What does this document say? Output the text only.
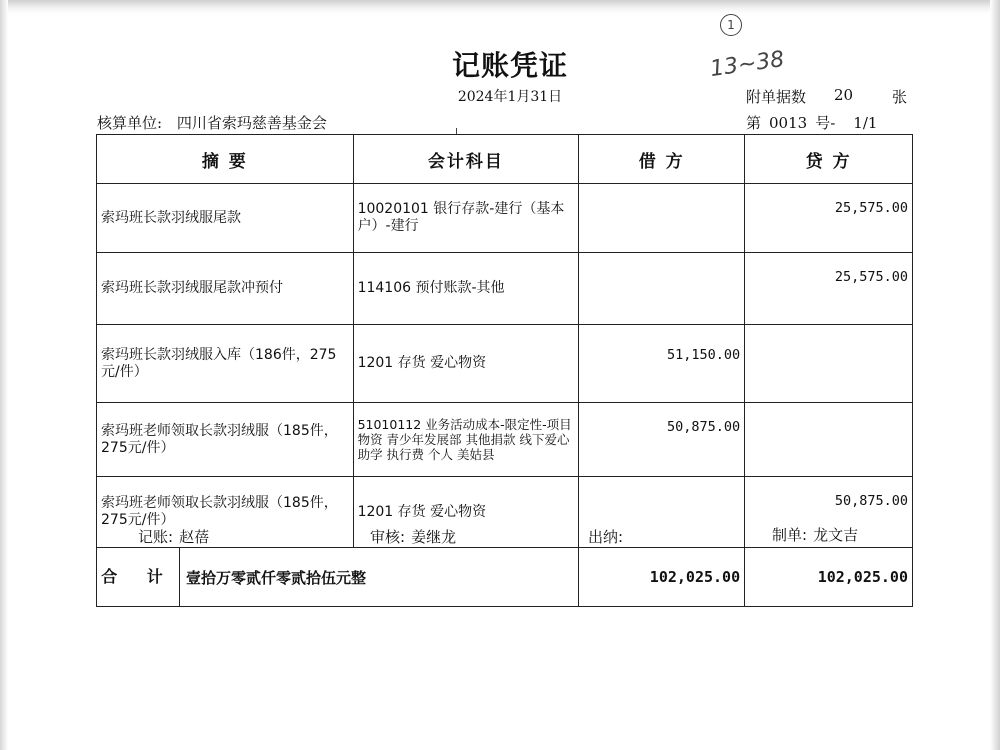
记账凭证
1
13~38
2024年1月31日	附单据数 20	张
核算单位: 四川省索玛慈善基金会	第 0013 号- 1/1
摘 要	会计科目	借 方	贷 方
索玛班长款羽绒服尾款	10020101 银行存款-建行（基本户）-建行		25,575.00
索玛班长款羽绒服尾款冲预付	114106 预付账款-其他		25,575.00
索玛班长款羽绒服入库（186件，275元/件）	1201 存货 爱心物资	51,150.00	
索玛班老师领取长款羽绒服（185件，275元/件）	51010112 业务活动成本-限定性-项目物资 青少年发展部 其他捐款 线下爱心助学 执行费 个人 美姑县	50,875.00	
索玛班老师领取长款羽绒服（185件，275元/件）	1201 存货 爱心物资		50,875.00

合 计 壹拾万零贰仟零贰拾伍元整		102,025.00	102,025.00
记账: 赵蓓	审核: 姜继龙	出纳:	制单: 龙文吉
